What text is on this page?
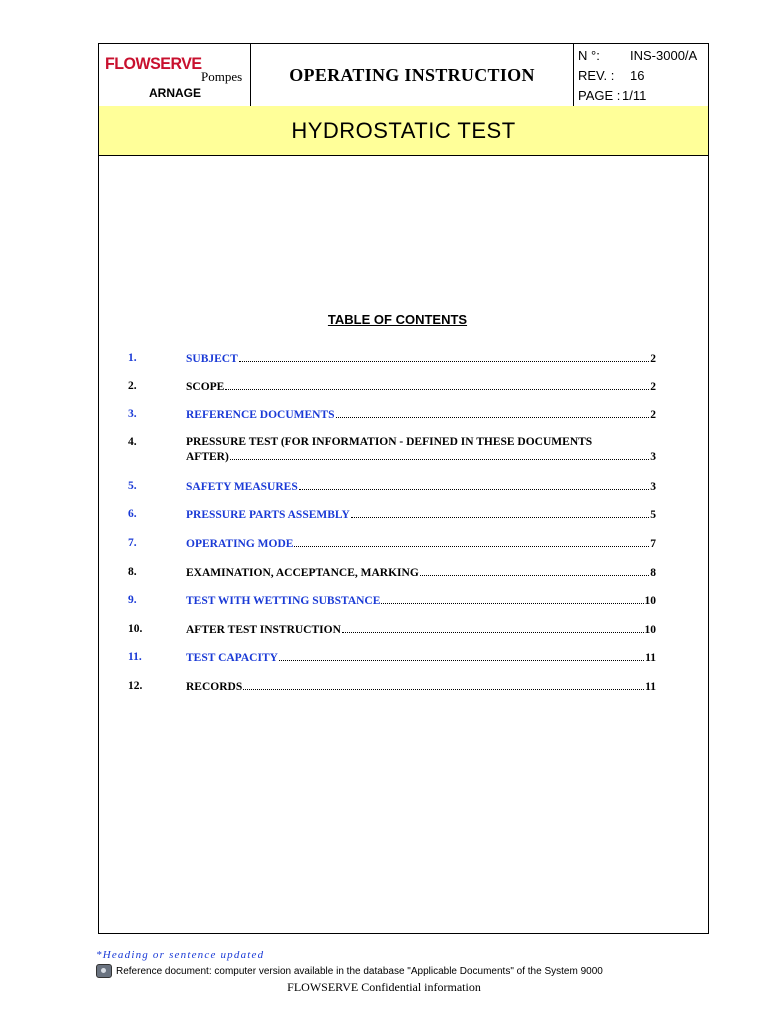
FLOWSERVE
Pompes
ARNAGE
OPERATING INSTRUCTION
N °: INS-3000/A
REV. : 16
PAGE : 1/11
HYDROSTATIC TEST
TABLE OF CONTENTS
1.	SUBJECT	2
2.	SCOPE	2
3.	REFERENCE DOCUMENTS	2
4.	PRESSURE TEST (FOR INFORMATION - DEFINED IN THESE DOCUMENTS
AFTER)	3
5.	SAFETY MEASURES	3
6.	PRESSURE PARTS ASSEMBLY	5
7.	OPERATING MODE	7
8.	EXAMINATION, ACCEPTANCE, MARKING	8
9.	TEST WITH WETTING SUBSTANCE	10
10.	AFTER TEST INSTRUCTION	10
11.	TEST CAPACITY	11
12.	RECORDS	11
*Heading or sentence updated
Reference document: computer version available in the database "Applicable Documents" of the System 9000
FLOWSERVE Confidential information
